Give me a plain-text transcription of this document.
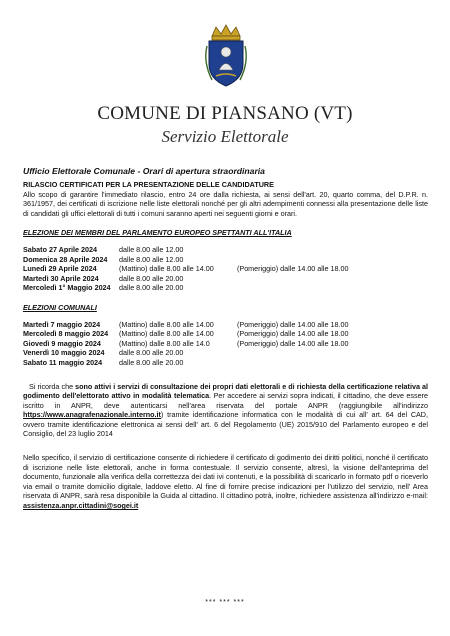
COMUNE DI PIANSANO (VT)
Servizio Elettorale
Ufficio Elettorale Comunale - Orari di apertura straordinaria
RILASCIO CERTIFICATI PER LA PRESENTAZIONE DELLE CANDIDATURE
Allo scopo di garantire l'immediato rilascio, entro 24 ore dalla richiesta, ai sensi dell'art. 20, quarto comma, del D.P.R. n. 361/1957, dei certificati di iscrizione nelle liste elettorali nonché per gli altri adempimenti connessi alla presentazione delle liste di candidati gli uffici elettorali di tutti i comuni saranno aperti nei seguenti giorni e orari.
ELEZIONE DEI MEMBRI DEL PARLAMENTO EUROPEO SPETTANTI ALL'ITALIA
Sabato 27 Aprile 2024	dalle 8.00 alle 12.00
Domenica 28 Aprile 2024	dalle 8.00 alle 12.00
Lunedì 29 Aprile 2024	(Mattino) dalle 8.00 alle 14.00	(Pomeriggio) dalle 14.00 alle 18.00
Martedì 30 Aprile 2024	dalle 8.00 alle 20.00
Mercoledì 1° Maggio 2024	dalle 8.00 alle 20.00
ELEZIONI COMUNALI
Martedì 7 maggio 2024	(Mattino) dalle 8.00 alle 14.00	(Pomeriggio) dalle 14.00 alle 18.00
Mercoledì 8 maggio 2024	(Mattino) dalle 8.00 alle 14.00	(Pomeriggio) dalle 14.00 alle 18.00
Giovedì 9 maggio 2024	(Mattino) dalle 8.00 alle 14.0	(Pomeriggio) dalle 14.00 alle 18.00
Venerdì 10 maggio 2024	dalle 8.00 alle 20.00
Sabato 11 maggio 2024	dalle 8.00 alle 20.00
Si ricorda che sono attivi i servizi di consultazione dei propri dati elettorali e di richiesta della certificazione relativa al godimento dell'elettorato attivo in modalità telematica. Per accedere ai servizi sopra indicati, il cittadino, che deve essere iscritto in ANPR, deve autenticarsi nell'area riservata del portale ANPR (raggiungibile all'indirizzo https://www.anagrafenazionale.interno.it) tramite identificazione informatica con le modalità di cui all' art. 64 del CAD, ovvero tramite identificazione elettronica ai sensi dell' art. 6 del Regolamento (UE) 2015/910 del Parlamento europeo e del Consiglio, del 23 luglio 2014
Nello specifico, il servizio di certificazione consente di richiedere il certificato di godimento dei diritti politici, nonché il certificato di iscrizione nelle liste elettorali, anche in forma contestuale. Il servizio consente, altresì, la visione dell'anteprima del documento, funzionale alla verifica della correttezza dei dati ivi contenuti, e la possibilità di scaricarlo in formato pdf o riceverlo via email o tramite domicilio digitale, laddove eletto. Al fine di fornire precise indicazioni per l'utilizzo del servizio, nell' Area riservata di ANPR, sarà resa disponibile la Guida al cittadino. Il cittadino potrà, inoltre, richiedere assistenza all'indirizzo e-mail: assistenza.anpr.cittadini@sogei.it
*** *** ***
